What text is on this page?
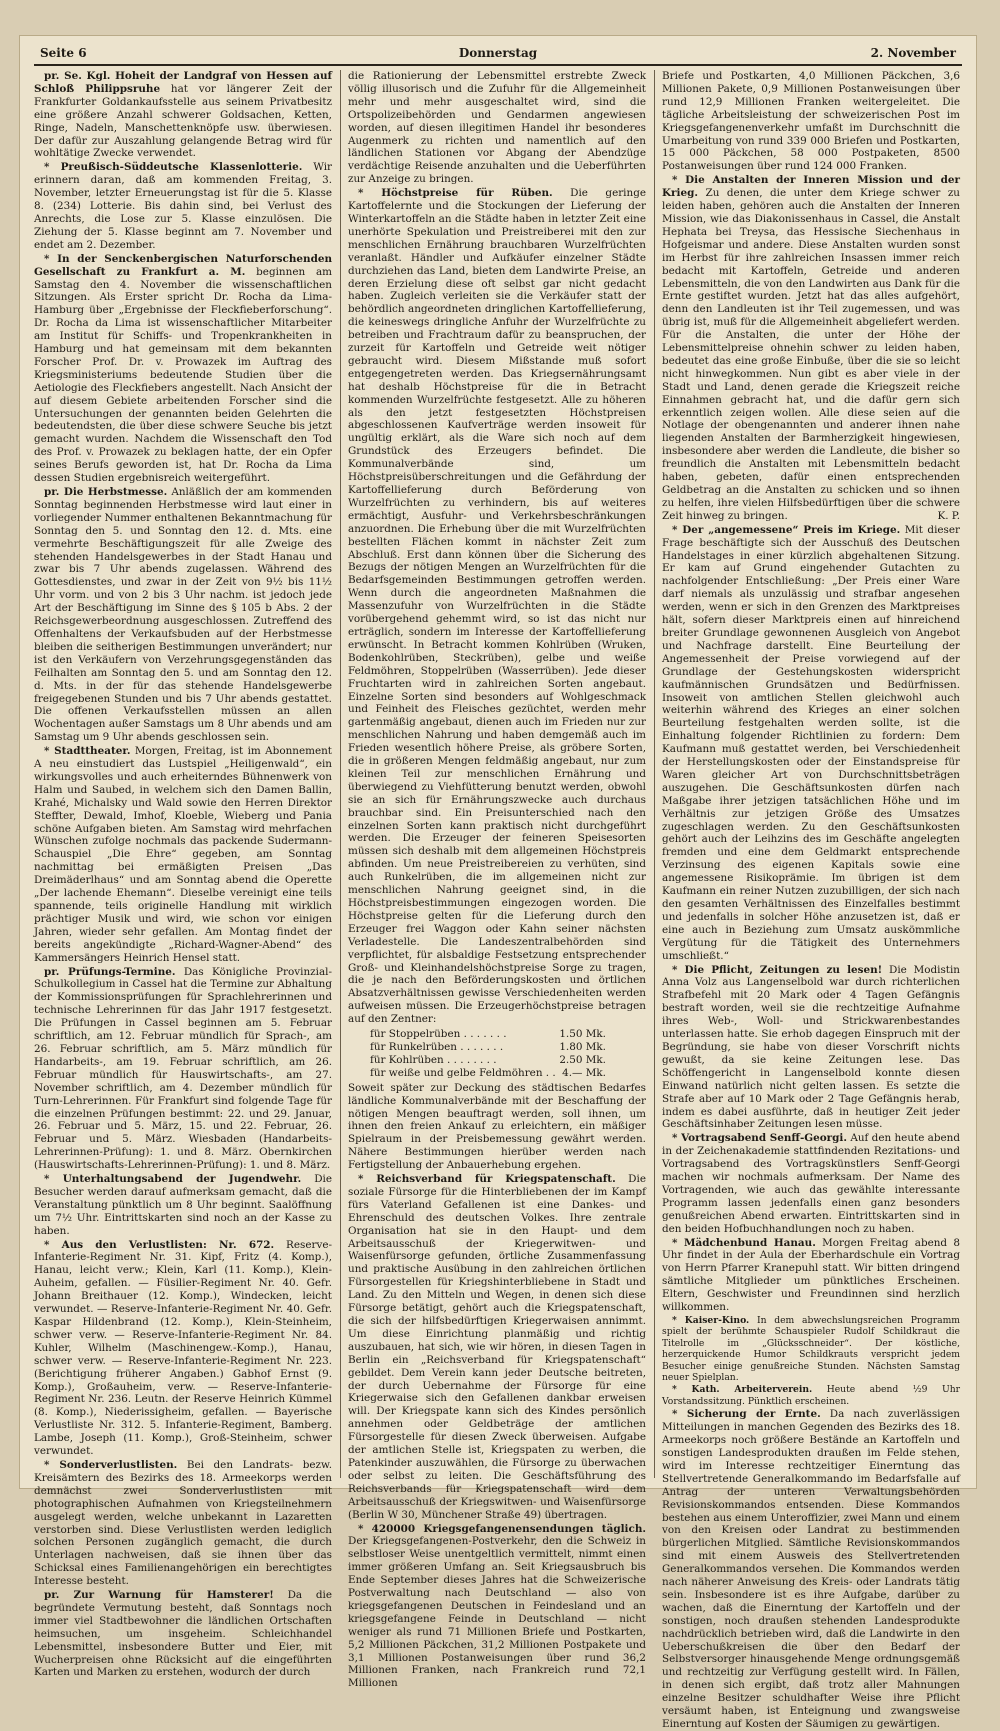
Seite 6	Donnerstag	2. November

pr. Se. Kgl. Hoheit der Landgraf von Hessen auf Schloß Philippsruhe hat vor längerer Zeit der Frankfurter Goldankaufsstelle aus seinem Privatbesitz eine größere Anzahl schwerer Goldsachen, Ketten, Ringe, Nadeln, Manschettenknöpfe usw. überwiesen. Der dafür zur Auszahlung gelangende Betrag wird für wohltätige Zwecke verwendet.

* Preußisch-Süddeutsche Klassenlotterie. Wir erinnern daran, daß am kommenden Freitag, 3. November, letzter Erneuerungstag ist für die 5. Klasse 8. (234) Lotterie. Bis dahin sind, bei Verlust des Anrechts, die Lose zur 5. Klasse einzulösen. Die Ziehung der 5. Klasse beginnt am 7. November und endet am 2. Dezember.

* In der Senckenbergischen Naturforschenden Gesellschaft zu Frankfurt a. M. beginnen am Samstag den 4. November die wissenschaftlichen Sitzungen. Als Erster spricht Dr. Rocha da Lima-Hamburg über „Ergebnisse der Fleckfieberforschung“. Dr. Rocha da Lima ist wissenschaftlicher Mitarbeiter am Institut für Schiffs- und Tropenkrankheiten in Hamburg und hat gemeinsam mit dem bekannten Forscher Prof. Dr. v. Prowazek im Auftrag des Kriegsministeriums bedeutende Studien über die Aetiologie des Fleckfiebers angestellt. Nach Ansicht der auf diesem Gebiete arbeitenden Forscher sind die Untersuchungen der genannten beiden Gelehrten die bedeutendsten, die über diese schwere Seuche bis jetzt gemacht wurden. Nachdem die Wissenschaft den Tod des Prof. v. Prowazek zu beklagen hatte, der ein Opfer seines Berufs geworden ist, hat Dr. Rocha da Lima dessen Studien ergebnisreich weitergeführt.

pr. Die Herbstmesse. Anläßlich der am kommenden Sonntag beginnenden Herbstmesse wird laut einer in vorliegender Nummer enthaltenen Bekanntmachung für Sonntag den 5. und Sonntag den 12. d. Mts. eine vermehrte Beschäftigungszeit für alle Zweige des stehenden Handelsgewerbes in der Stadt Hanau und zwar bis 7 Uhr abends zugelassen. Während des Gottesdienstes, und zwar in der Zeit von 9½ bis 11½ Uhr vorm. und von 2 bis 3 Uhr nachm. ist jedoch jede Art der Beschäftigung im Sinne des § 105 b Abs. 2 der Reichsgewerbeordnung ausgeschlossen. Zutreffend des Offenhaltens der Verkaufsbuden auf der Herbstmesse bleiben die seitherigen Bestimmungen unverändert; nur ist den Verkäufern von Verzehrungsgegenständen das Feilhalten am Sonntag den 5. und am Sonntag den 12. d. Mts. in der für das stehende Handelsgewerbe freigegebenen Stunden und bis 7 Uhr abends gestattet. Die offenen Verkaufsstellen müssen an allen Wochentagen außer Samstags um 8 Uhr abends und am Samstag um 9 Uhr abends geschlossen sein.

* Stadttheater. Morgen, Freitag, ist im Abonnement A neu einstudiert das Lustspiel „Heiligenwald“, ein wirkungsvolles und auch erheiterndes Bühnenwerk von Halm und Saubed, in welchem sich den Damen Ballin, Krahé, Michalsky und Wald sowie den Herren Direktor Steffter, Dewald, Imhof, Kloeble, Wieberg und Pania schöne Aufgaben bieten. Am Samstag wird mehrfachen Wünschen zufolge nochmals das packende Sudermann-Schauspiel „Die Ehre“ gegeben, am Sonntag nachmittag bei ermäßigten Preisen „Das Dreimäderlhaus“ und am Sonntag abend die Operette „Der lachende Ehemann“. Dieselbe vereinigt eine teils spannende, teils originelle Handlung mit wirklich prächtiger Musik und wird, wie schon vor einigen Jahren, wieder sehr gefallen. Am Montag findet der bereits angekündigte „Richard-Wagner-Abend“ des Kammersängers Heinrich Hensel statt.

pr. Prüfungs-Termine. Das Königliche Provinzial-Schulkollegium in Cassel hat die Termine zur Abhaltung der Kommissionsprüfungen für Sprachlehrerinnen und technische Lehrerinnen für das Jahr 1917 festgesetzt. Die Prüfungen in Cassel beginnen am 5. Februar schriftlich, am 12. Februar mündlich für Sprach-, am 26. Februar schriftlich, am 5. März mündlich für Handarbeits-, am 19. Februar schriftlich, am 26. Februar mündlich für Hauswirtschafts-, am 27. November schriftlich, am 4. Dezember mündlich für Turn-Lehrerinnen. Für Frankfurt sind folgende Tage für die einzelnen Prüfungen bestimmt: 22. und 29. Januar, 26. Februar und 5. März, 15. und 22. Februar, 26. Februar und 5. März. Wiesbaden (Handarbeits-Lehrerinnen-Prüfung): 1. und 8. März. Obernkirchen (Hauswirtschafts-Lehrerinnen-Prüfung): 1. und 8. März.

* Unterhaltungsabend der Jugendwehr. Die Besucher werden darauf aufmerksam gemacht, daß die Veranstaltung pünktlich um 8 Uhr beginnt. Saalöffnung um 7½ Uhr. Eintrittskarten sind noch an der Kasse zu haben.

* Aus den Verlustlisten: Nr. 672. Reserve-Infanterie-Regiment Nr. 31. Kipf, Fritz (4. Komp.), Hanau, leicht verw.; Klein, Karl (11. Komp.), Klein-Auheim, gefallen. — Füsilier-Regiment Nr. 40. Gefr. Johann Breithauer (12. Komp.), Windecken, leicht verwundet. — Reserve-Infanterie-Regiment Nr. 40. Gefr. Kaspar Hildenbrand (12. Komp.), Klein-Steinheim, schwer verw. — Reserve-Infanterie-Regiment Nr. 84. Kuhler, Wilhelm (Maschinengew.-Komp.), Hanau, schwer verw. — Reserve-Infanterie-Regiment Nr. 223. (Berichtigung früherer Angaben.) Gabhof Ernst (9. Komp.), Großauheim, verw. — Reserve-Infanterie-Regiment Nr. 236. Leutn. der Reserve Heinrich Kümmel (8. Komp.), Niederissigheim, gefallen. — Bayerische Verlustliste Nr. 312. 5. Infanterie-Regiment, Bamberg. Lambe, Joseph (11. Komp.), Groß-Steinheim, schwer verwundet.

* Sonderverlustlisten. Bei den Landrats- bezw. Kreisämtern des Bezirks des 18. Armeekorps werden demnächst zwei Sonderverlustlisten mit photographischen Aufnahmen von Kriegsteilnehmern ausgelegt werden, welche unbekannt in Lazaretten verstorben sind. Diese Verlustlisten werden lediglich solchen Personen zugänglich gemacht, die durch Unterlagen nachweisen, daß sie ihnen über das Schicksal eines Familienangehörigen ein berechtigtes Interesse besteht.

pr. Zur Warnung für Hamsterer! Da die begründete Vermutung besteht, daß Sonntags noch immer viel Stadtbewohner die ländlichen Ortschaften heimsuchen, um insgeheim. Schleichhandel Lebensmittel, insbesondere Butter und Eier, mit Wucherpreisen ohne Rücksicht auf die eingeführten Karten und Marken zu erstehen, wodurch der durch

die Rationierung der Lebensmittel erstrebte Zweck völlig illusorisch und die Zufuhr für die Allgemeinheit mehr und mehr ausgeschaltet wird, sind die Ortspolizeibehörden und Gendarmen angewiesen worden, auf diesen illegitimen Handel ihr besonderes Augenmerk zu richten und namentlich auf den ländlichen Stationen vor Abgang der Abendzüge verdächtige Reisende anzuhalten und die Ueberführten zur Anzeige zu bringen.

* Höchstpreise für Rüben. Die geringe Kartoffelernte und die Stockungen der Lieferung der Winterkartoffeln an die Städte haben in letzter Zeit eine unerhörte Spekulation und Preistreiberei mit den zur menschlichen Ernährung brauchbaren Wurzelfrüchten veranlaßt. Händler und Aufkäufer einzelner Städte durchziehen das Land, bieten dem Landwirte Preise, an deren Erzielung diese oft selbst gar nicht gedacht haben. Zugleich verleiten sie die Verkäufer statt der behördlich angeordneten dringlichen Kartoffellieferung, die keineswegs dringliche Anfuhr der Wurzelfrüchte zu betreiben und Frachtraum dafür zu beanspruchen, der zurzeit für Kartoffeln und Getreide weit nötiger gebraucht wird. Diesem Mißstande muß sofort entgegengetreten werden. Das Kriegsernährungsamt hat deshalb Höchstpreise für die in Betracht kommenden Wurzelfrüchte festgesetzt. Alle zu höheren als den jetzt festgesetzten Höchstpreisen abgeschlossenen Kaufverträge werden insoweit für ungültig erklärt, als die Ware sich noch auf dem Grundstück des Erzeugers befindet. Die Kommunalverbände sind, um Höchstpreisüberschreitungen und die Gefährdung der Kartoffellieferung durch Beförderung von Wurzelfrüchten zu verhindern, bis auf weiteres ermächtigt, Ausfuhr- und Verkehrsbeschränkungen anzuordnen. Die Erhebung über die mit Wurzelfrüchten bestellten Flächen kommt in nächster Zeit zum Abschluß. Erst dann können über die Sicherung des Bezugs der nötigen Mengen an Wurzelfrüchten für die Bedarfsgemeinden Bestimmungen getroffen werden. Wenn durch die angeordneten Maßnahmen die Massenzufuhr von Wurzelfrüchten in die Städte vorübergehend gehemmt wird, so ist das nicht nur erträglich, sondern im Interesse der Kartoffellieferung erwünscht. In Betracht kommen Kohlrüben (Wruken, Bodenkohlrüben, Steckrüben), gelbe und weiße Feldmöhren, Stoppelrüben (Wasserrüben). Jede dieser Fruchtarten wird in zahlreichen Sorten angebaut. Einzelne Sorten sind besonders auf Wohlgeschmack und Feinheit des Fleisches gezüchtet, werden mehr gartenmäßig angebaut, dienen auch im Frieden nur zur menschlichen Nahrung und haben demgemäß auch im Frieden wesentlich höhere Preise, als gröbere Sorten, die in größeren Mengen feldmäßig angebaut, nur zum kleinen Teil zur menschlichen Ernährung und überwiegend zu Viehfütterung benutzt werden, obwohl sie an sich für Ernährungszwecke auch durchaus brauchbar sind. Ein Preisunterschied nach den einzelnen Sorten kann praktisch nicht durchgeführt werden. Die Erzeuger der feineren Speisesorten müssen sich deshalb mit dem allgemeinen Höchstpreis abfinden. Um neue Preistreibereien zu verhüten, sind auch Runkelrüben, die im allgemeinen nicht zur menschlichen Nahrung geeignet sind, in die Höchstpreisbestimmungen eingezogen worden. Die Höchstpreise gelten für die Lieferung durch den Erzeuger frei Waggon oder Kahn seiner nächsten Verladestelle. Die Landeszentralbehörden sind verpflichtet, für alsbaldige Festsetzung entsprechender Groß- und Kleinhandelshöchstpreise Sorge zu tragen, die je nach den Beförderungskosten und örtlichen Absatzverhältnissen gewisse Verschiedenheiten werden aufweisen müssen. Die Erzeugerhöchstpreise betragen auf den Zentner:

für Stoppelrüben . . . . . . .	1.50 Mk.
für Runkelrüben . . . . . . .	1.80 Mk.
für Kohlrüben . . . . . . . .	2.50 Mk.
für weiße und gelbe Feldmöhren . . 4.— Mk.

Soweit später zur Deckung des städtischen Bedarfes ländliche Kommunalverbände mit der Beschaffung der nötigen Mengen beauftragt werden, soll ihnen, um ihnen den freien Ankauf zu erleichtern, ein mäßiger Spielraum in der Preisbemessung gewährt werden. Nähere Bestimmungen hierüber werden nach Fertigstellung der Anbauerhebung ergehen.

* Reichsverband für Kriegspatenschaft. Die soziale Fürsorge für die Hinterbliebenen der im Kampf fürs Vaterland Gefallenen ist eine Dankes- und Ehrenschuld des deutschen Volkes. Ihre zentrale Organisation hat sie in den Haupt- und dem Arbeitsausschuß der Kriegerwitwen- und Waisenfürsorge gefunden, örtliche Zusammenfassung und praktische Ausübung in den zahlreichen örtlichen Fürsorgestellen für Kriegshinterbliebene in Stadt und Land. Zu den Mitteln und Wegen, in denen sich diese Fürsorge betätigt, gehört auch die Kriegspatenschaft, die sich der hilfsbedürftigen Kriegerwaisen annimmt. Um diese Einrichtung planmäßig und richtig auszubauen, hat sich, wie wir hören, in diesen Tagen in Berlin ein „Reichsverband für Kriegspatenschaft“ gebildet. Dem Verein kann jeder Deutsche beitreten, der durch Uebernahme der Fürsorge für eine Kriegerwaise sich den Gefallenen dankbar erweisen will. Der Kriegspate kann sich des Kindes persönlich annehmen oder Geldbeträge der amtlichen Fürsorgestelle für diesen Zweck überweisen. Aufgabe der amtlichen Stelle ist, Kriegspaten zu werben, die Patenkinder auszuwählen, die Fürsorge zu überwachen oder selbst zu leiten. Die Geschäftsführung des Reichsverbands für Kriegspatenschaft wird dem Arbeitsausschuß der Kriegswitwen- und Waisenfürsorge (Berlin W 30, Münchener Straße 49) übertragen.

* 420000 Kriegsgefangenensendungen täglich. Der Kriegsgefangenen-Postverkehr, den die Schweiz in selbstloser Weise unentgeltlich vermittelt, nimmt einen immer größeren Umfang an. Seit Kriegsausbruch bis Ende September dieses Jahres hat die Schweizerische Postverwaltung nach Deutschland — also von kriegsgefangenen Deutschen in Feindesland und an kriegsgefangene Feinde in Deutschland — nicht weniger als rund 71 Millionen Briefe und Postkarten, 5,2 Millionen Päckchen, 31,2 Millionen Postpakete und 3,1 Millionen Postanweisungen über rund 36,2 Millionen Franken, nach Frankreich rund 72,1 Millionen

Briefe und Postkarten, 4,0 Millionen Päckchen, 3,6 Millionen Pakete, 0,9 Millionen Postanweisungen über rund 12,9 Millionen Franken weitergeleitet. Die tägliche Arbeitsleistung der schweizerischen Post im Kriegsgefangenenverkehr umfaßt im Durchschnitt die Umarbeitung von rund 339 000 Briefen und Postkarten, 15 000 Päckchen, 58 000 Postpaketen, 8500 Postanweisungen über rund 124 000 Franken.

* Die Anstalten der Inneren Mission und der Krieg. Zu denen, die unter dem Kriege schwer zu leiden haben, gehören auch die Anstalten der Inneren Mission, wie das Diakonissenhaus in Cassel, die Anstalt Hephata bei Treysa, das Hessische Siechenhaus in Hofgeismar und andere. Diese Anstalten wurden sonst im Herbst für ihre zahlreichen Insassen immer reich bedacht mit Kartoffeln, Getreide und anderen Lebensmitteln, die von den Landwirten aus Dank für die Ernte gestiftet wurden. Jetzt hat das alles aufgehört, denn den Landleuten ist ihr Teil zugemessen, und was übrig ist, muß für die Allgemeinheit abgeliefert werden. Für die Anstalten, die unter der Höhe der Lebensmittelpreise ohnehin schwer zu leiden haben, bedeutet das eine große Einbuße, über die sie so leicht nicht hinwegkommen. Nun gibt es aber viele in der Stadt und Land, denen gerade die Kriegszeit reiche Einnahmen gebracht hat, und die dafür gern sich erkenntlich zeigen wollen. Alle diese seien auf die Notlage der obengenannten und anderer ihnen nahe liegenden Anstalten der Barmherzigkeit hingewiesen, insbesondere aber werden die Landleute, die bisher so freundlich die Anstalten mit Lebensmitteln bedacht haben, gebeten, dafür einen entsprechenden Geldbetrag an die Anstalten zu schicken und so ihnen zu helfen, ihre vielen Hilfsbedürftigen über die schwere Zeit hinweg zu bringen.	K. P.

* Der „angemessene“ Preis im Kriege. Mit dieser Frage beschäftigte sich der Ausschuß des Deutschen Handelstages in einer kürzlich abgehaltenen Sitzung. Er kam auf Grund eingehender Gutachten zu nachfolgender Entschließung: „Der Preis einer Ware darf niemals als unzulässig und strafbar angesehen werden, wenn er sich in den Grenzen des Marktpreises hält, sofern dieser Marktpreis einen auf hinreichend breiter Grundlage gewonnenen Ausgleich von Angebot und Nachfrage darstellt. Eine Beurteilung der Angemessenheit der Preise vorwiegend auf der Grundlage der Gestehungskosten widerspricht kaufmännischen Grundsätzen und Bedürfnissen. Insoweit von amtlichen Stellen gleichwohl auch weiterhin während des Krieges an einer solchen Beurteilung festgehalten werden sollte, ist die Einhaltung folgender Richtlinien zu fordern: Dem Kaufmann muß gestattet werden, bei Verschiedenheit der Herstellungskosten oder der Einstandspreise für Waren gleicher Art von Durchschnittsbeträgen auszugehen. Die Geschäftsunkosten dürfen nach Maßgabe ihrer jetzigen tatsächlichen Höhe und im Verhältnis zur jetzigen Größe des Umsatzes zugeschlagen werden. Zu den Geschäftsunkosten gehört auch der Leihzins des im Geschäfte angelegten fremden und eine dem Geldmarkt entsprechende Verzinsung des eigenen Kapitals sowie eine angemessene Risikoprämie. Im übrigen ist dem Kaufmann ein reiner Nutzen zuzubilligen, der sich nach den gesamten Verhältnissen des Einzelfalles bestimmt und jedenfalls in solcher Höhe anzusetzen ist, daß er eine auch in Beziehung zum Umsatz auskömmliche Vergütung für die Tätigkeit des Unternehmers umschließt.“

* Die Pflicht, Zeitungen zu lesen! Die Modistin Anna Volz aus Langenselbold war durch richterlichen Strafbefehl mit 20 Mark oder 4 Tagen Gefängnis bestraft worden, weil sie die rechtzeitige Aufnahme ihres Web-, Woll- und Strickwarenbestandes unterlassen hatte. Sie erhob dagegen Einspruch mit der Begründung, sie habe von dieser Vorschrift nichts gewußt, da sie keine Zeitungen lese. Das Schöffengericht in Langenselbold konnte diesen Einwand natürlich nicht gelten lassen. Es setzte die Strafe aber auf 10 Mark oder 2 Tage Gefängnis herab, indem es dabei ausführte, daß in heutiger Zeit jeder Geschäftsinhaber Zeitungen lesen müsse.

* Vortragsabend Senff-Georgi. Auf den heute abend in der Zeichenakademie stattfindenden Rezitations- und Vortragsabend des Vortragskünstlers Senff-Georgi machen wir nochmals aufmerksam. Der Name des Vortragenden, wie auch das gewählte interessante Programm lassen jedenfalls einen ganz besonders genußreichen Abend erwarten. Eintrittskarten sind in den beiden Hofbuchhandlungen noch zu haben.

* Mädchenbund Hanau. Morgen Freitag abend 8 Uhr findet in der Aula der Eberhardschule ein Vortrag von Herrn Pfarrer Kranepuhl statt. Wir bitten dringend sämtliche Mitglieder um pünktliches Erscheinen. Eltern, Geschwister und Freundinnen sind herzlich willkommen.

* Kaiser-Kino. In dem abwechslungsreichen Programm spielt der berühmte Schauspieler Rudolf Schildkraut die Titelrolle im „Glücksschneider“. Der köstliche, herzerquickende Humor Schildkrauts verspricht jedem Besucher einige genußreiche Stunden. Nächsten Samstag neuer Spielplan.

* Kath. Arbeiterverein. Heute abend ½9 Uhr Vorstandssitzung. Pünktlich erscheinen.

* Sicherung der Ernte. Da nach zuverlässigen Mitteilungen in manchen Gegenden des Bezirks des 18. Armeekorps noch größere Bestände an Kartoffeln und sonstigen Landesprodukten draußen im Felde stehen, wird im Interesse rechtzeitiger Einerntung das Stellvertretende Generalkommando im Bedarfsfalle auf Antrag der unteren Verwaltungsbehörden Revisionskommandos entsenden. Diese Kommandos bestehen aus einem Unteroffizier, zwei Mann und einem von den Kreisen oder Landrat zu bestimmenden bürgerlichen Mitglied. Sämtliche Revisionskommandos sind mit einem Ausweis des Stellvertretenden Generalkommandos versehen. Die Kommandos werden nach näherer Anweisung des Kreis- oder Landrats tätig sein. Insbesondere ist es ihre Aufgabe, darüber zu wachen, daß die Einerntung der Kartoffeln und der sonstigen, noch draußen stehenden Landesprodukte nachdrücklich betrieben wird, daß die Landwirte in den Ueberschußkreisen die über den Bedarf der Selbstversorger hinausgehende Menge ordnungsgemäß und rechtzeitig zur Verfügung gestellt wird. In Fällen, in denen sich ergibt, daß trotz aller Mahnungen einzelne Besitzer schuldhafter Weise ihre Pflicht versäumt haben, ist Enteignung und zwangsweise Einerntung auf Kosten der Säumigen zu gewärtigen.
